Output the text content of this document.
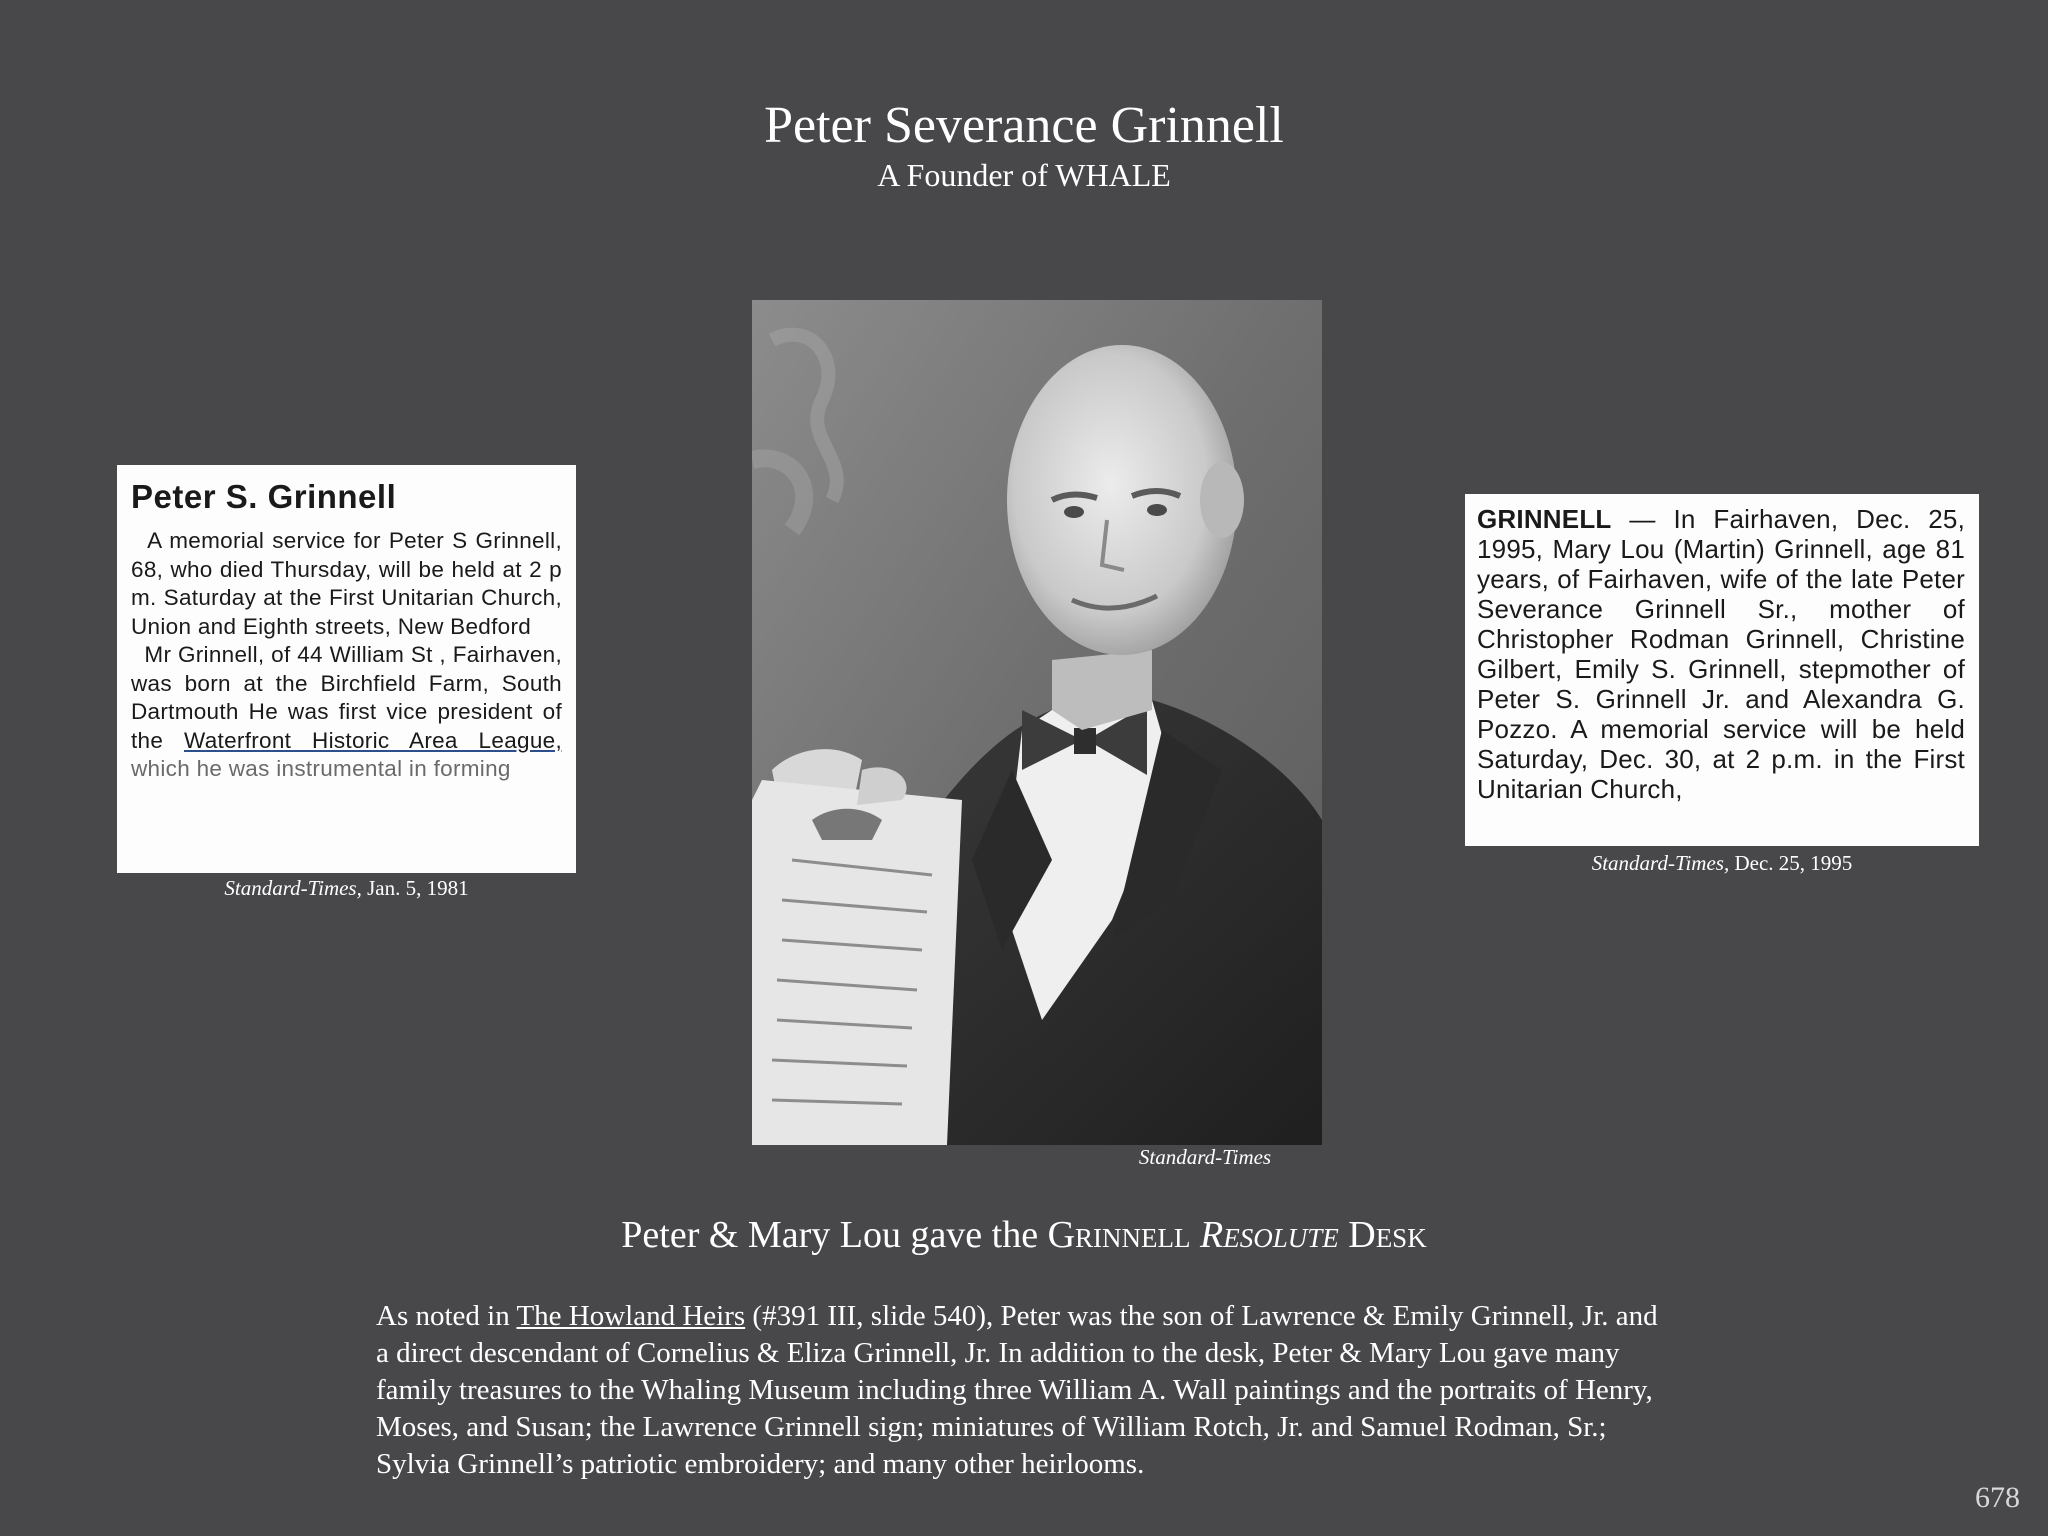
Peter Severance Grinnell
A Founder of WHALE
Peter S. Grinnell

A memorial service for Peter S Grinnell, 68, who died Thursday, will be held at 2 p m. Saturday at the First Unitarian Church, Union and Eighth streets, New Bedford
Mr Grinnell, of 44 William St , Fairhaven, was born at the Birchfield Farm, South Dartmouth He was first vice president of the Waterfront Historic Area League, which he was instrumental in forming

Standard-Times, Jan. 5, 1981
Standard-Times

GRINNELL — In Fairhaven, Dec. 25, 1995, Mary Lou (Martin) Grinnell, age 81 years, of Fairhaven, wife of the late Peter Severance Grinnell Sr., mother of Christopher Rodman Grinnell, Christine Gilbert, Emily S. Grinnell, stepmother of Peter S. Grinnell Jr. and Alexandra G. Pozzo. A memorial service will be held Saturday, Dec. 30, at 2 p.m. in the First Unitarian Church,

Standard-Times, Dec. 25, 1995
Peter & Mary Lou gave the Grinnell Resolute Desk

As noted in The Howland Heirs (#391 III, slide 540), Peter was the son of Lawrence & Emily Grinnell, Jr. and a direct descendant of Cornelius & Eliza Grinnell, Jr. In addition to the desk, Peter & Mary Lou gave many family treasures to the Whaling Museum including three William A. Wall paintings and the portraits of Henry, Moses, and Susan; the Lawrence Grinnell sign; miniatures of William Rotch, Jr. and Samuel Rodman, Sr.; Sylvia Grinnell’s patriotic embroidery; and many other heirlooms.

678
